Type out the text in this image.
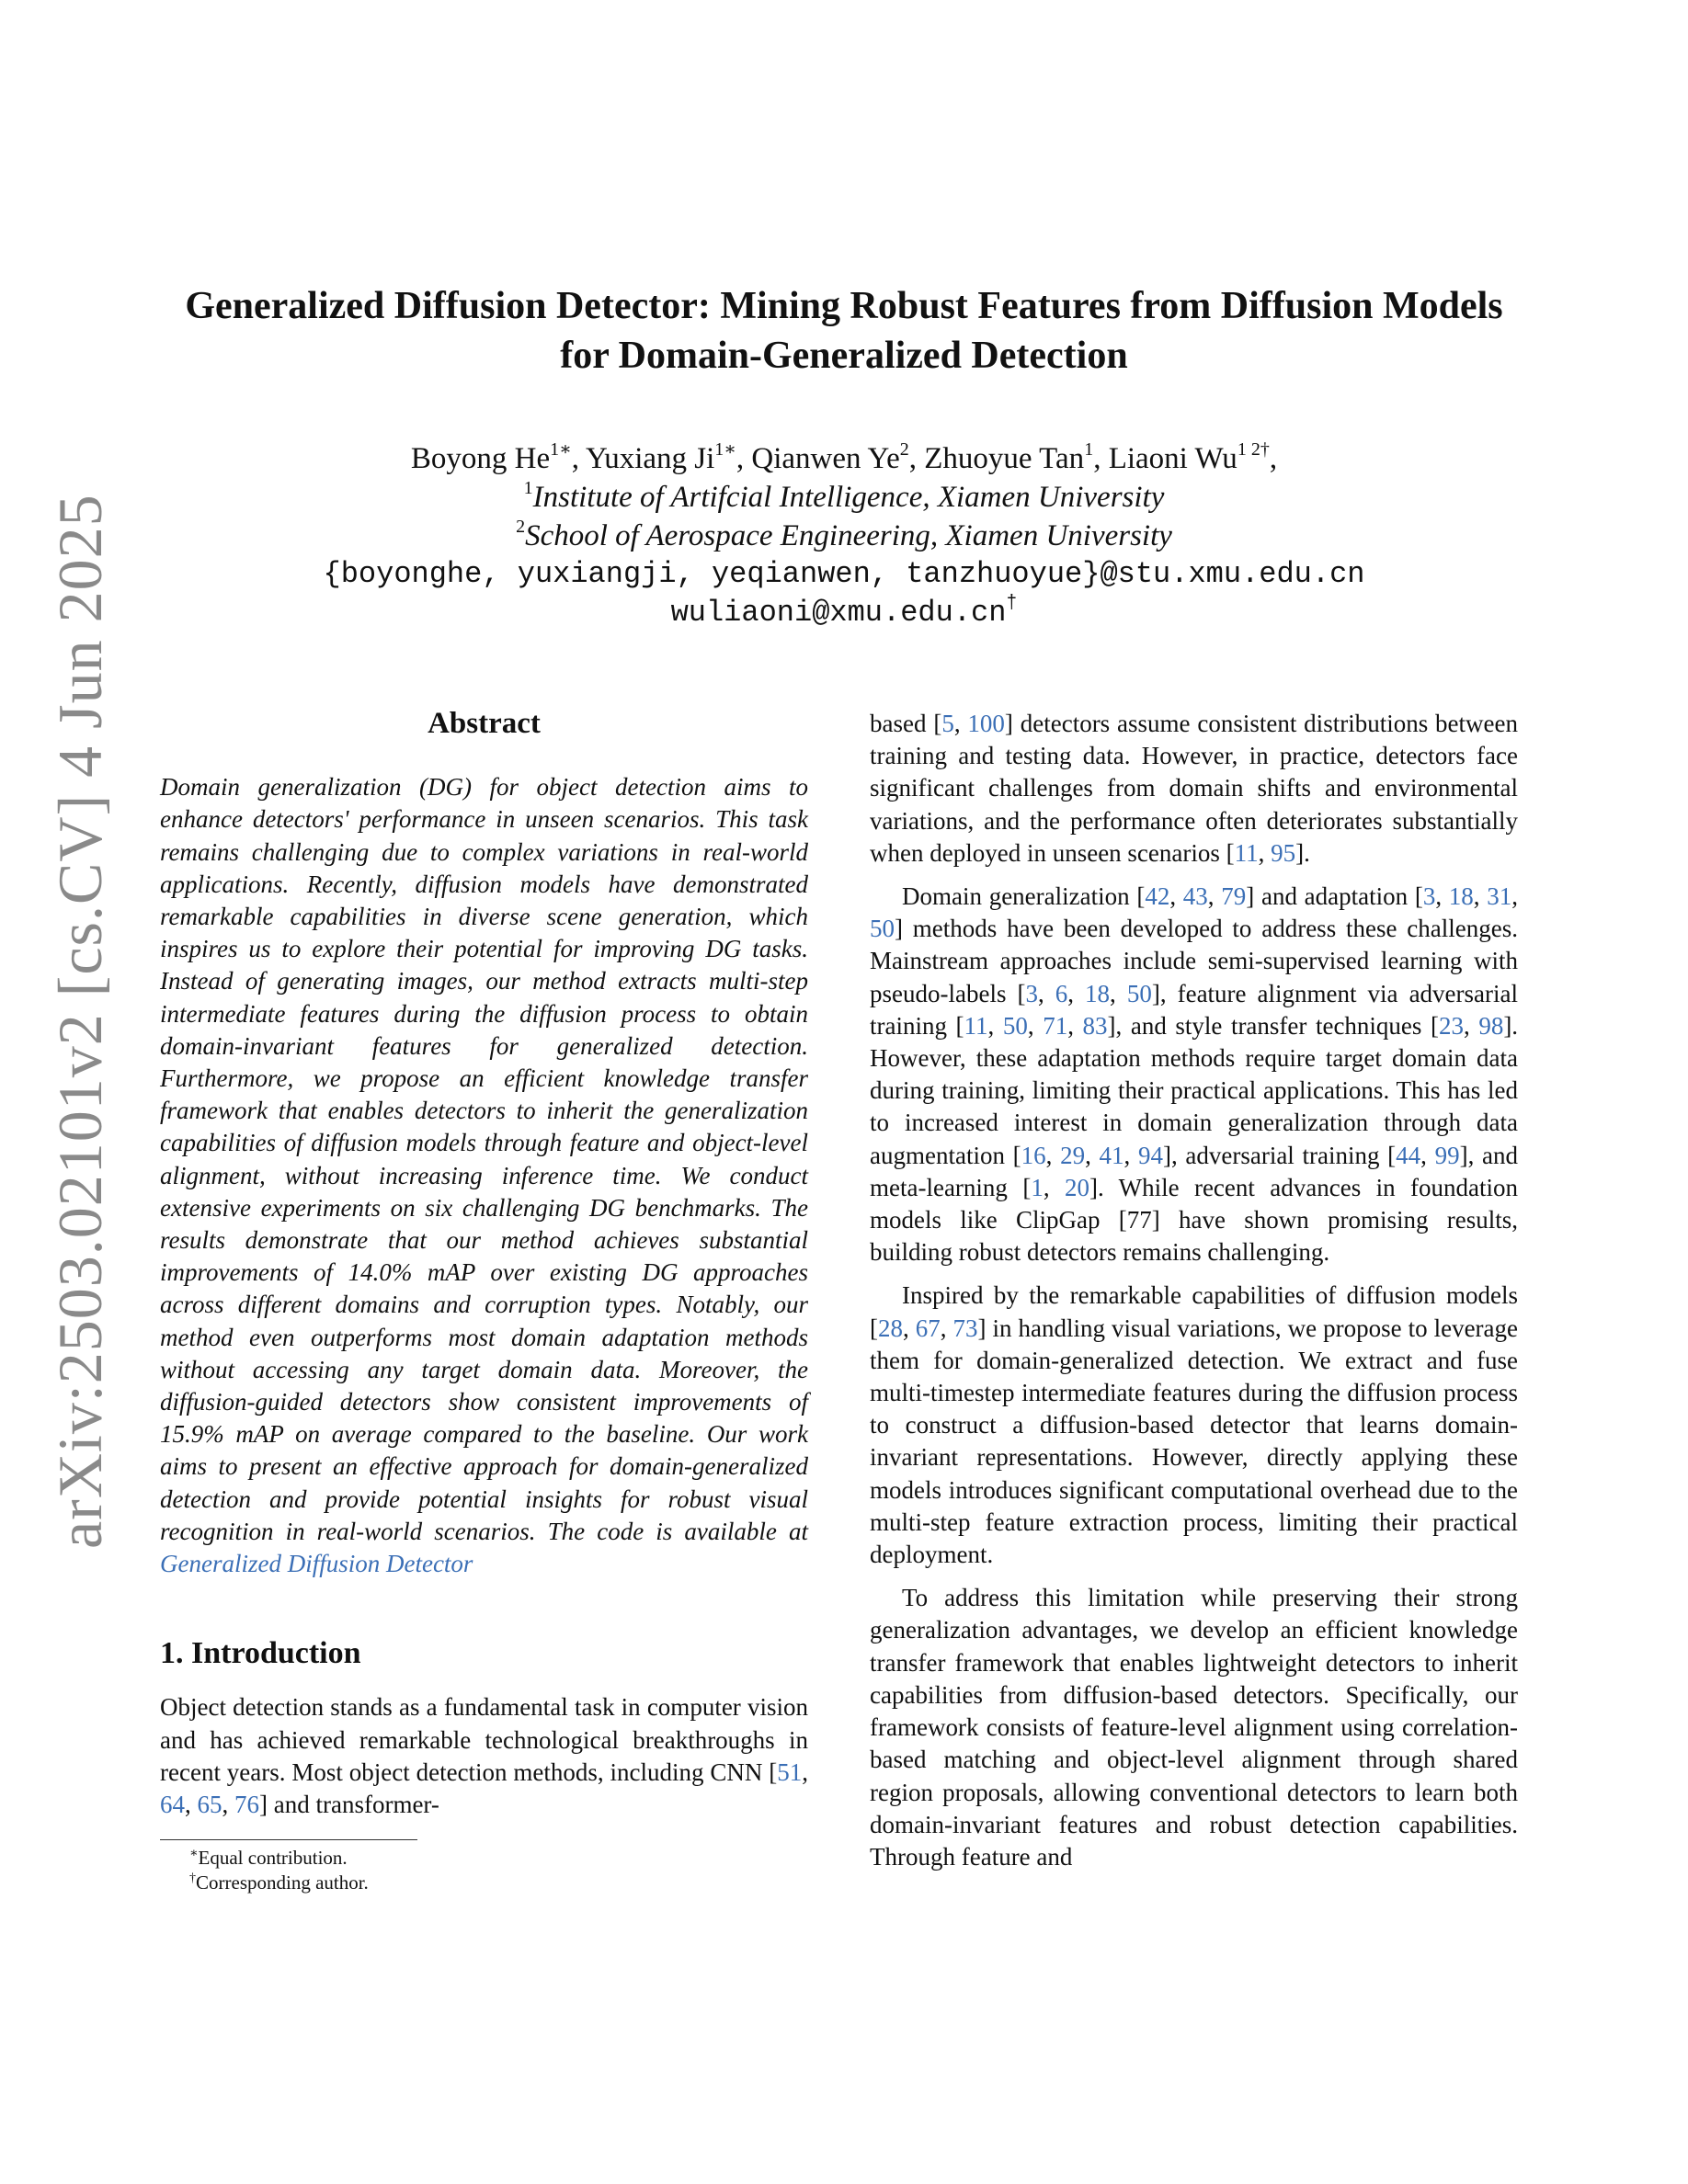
arXiv:2503.02101v2 [cs.CV] 4 Jun 2025
Generalized Diffusion Detector: Mining Robust Features from Diffusion Models
for Domain-Generalized Detection
Boyong $He^{1∗}$, Yuxiang $Ji^{1∗}$, Qianwen Ye$^2$, Zhuoyue Tan$^1$, Liaoni $Wu^{1 2\dagger}$,
$^1$Institute of Artifcial Intelligence, Xiamen University
$^2$School of Aerospace Engineering, Xiamen University
{boyonghe, yuxiangji, yeqianwen, tanzhuoyue}@stu.xmu.edu.cn
wuliaoni@xmu.edu.cn†
Abstract

Domain generalization (DG) for object detection aims to enhance detectors' performance in unseen scenarios. This task remains challenging due to complex variations in real-world applications. Recently, diffusion models have demonstrated remarkable capabilities in diverse scene generation, which inspires us to explore their potential for improving DG tasks. Instead of generating images, our method extracts multi-step intermediate features during the diffusion process to obtain domain-invariant features for generalized detection. Furthermore, we propose an efficient knowledge transfer framework that enables detectors to inherit the generalization capabilities of diffusion models through feature and object-level alignment, without increasing inference time. We conduct extensive experiments on six challenging DG benchmarks. The results demonstrate that our method achieves substantial improvements of 14.0% mAP over existing DG approaches across different domains and corruption types. Notably, our method even outperforms most domain adaptation methods without accessing any target domain data. Moreover, the diffusion-guided detectors show consistent improvements of 15.9% mAP on average compared to the baseline. Our work aims to present an effective approach for domain-generalized detection and provide potential insights for robust visual recognition in real-world scenarios. The code is available at Generalized Diffusion Detector

1. Introduction

Object detection stands as a fundamental task in computer vision and has achieved remarkable technological breakthroughs in recent years. Most object detection methods, including CNN [51, 64, 65, 76] and transformer-

∗Equal contribution.
†Corresponding author.

based [5, 100] detectors assume consistent distributions between training and testing data. However, in practice, detectors face significant challenges from domain shifts and environmental variations, and the performance often deteriorates substantially when deployed in unseen scenarios [11, 95].

Domain generalization [42, 43, 79] and adaptation [3, 18, 31, 50] methods have been developed to address these challenges. Mainstream approaches include semi-supervised learning with pseudo-labels [3, 6, 18, 50], feature alignment via adversarial training [11, 50, 71, 83], and style transfer techniques [23, 98]. However, these adaptation methods require target domain data during training, limiting their practical applications. This has led to increased interest in domain generalization through data augmentation [16, 29, 41, 94], adversarial training [44, 99], and meta-learning [1, 20]. While recent advances in foundation models like ClipGap [77] have shown promising results, building robust detectors remains challenging.

Inspired by the remarkable capabilities of diffusion models [28, 67, 73] in handling visual variations, we propose to leverage them for domain-generalized detection. We extract and fuse multi-timestep intermediate features during the diffusion process to construct a diffusion-based detector that learns domain-invariant representations. However, directly applying these models introduces significant computational overhead due to the multi-step feature extraction process, limiting their practical deployment.

To address this limitation while preserving their strong generalization advantages, we develop an efficient knowledge transfer framework that enables lightweight detectors to inherit capabilities from diffusion-based detectors. Specifically, our framework consists of feature-level alignment using correlation-based matching and object-level alignment through shared region proposals, allowing conventional detectors to learn both domain-invariant features and robust detection capabilities. Through feature and
